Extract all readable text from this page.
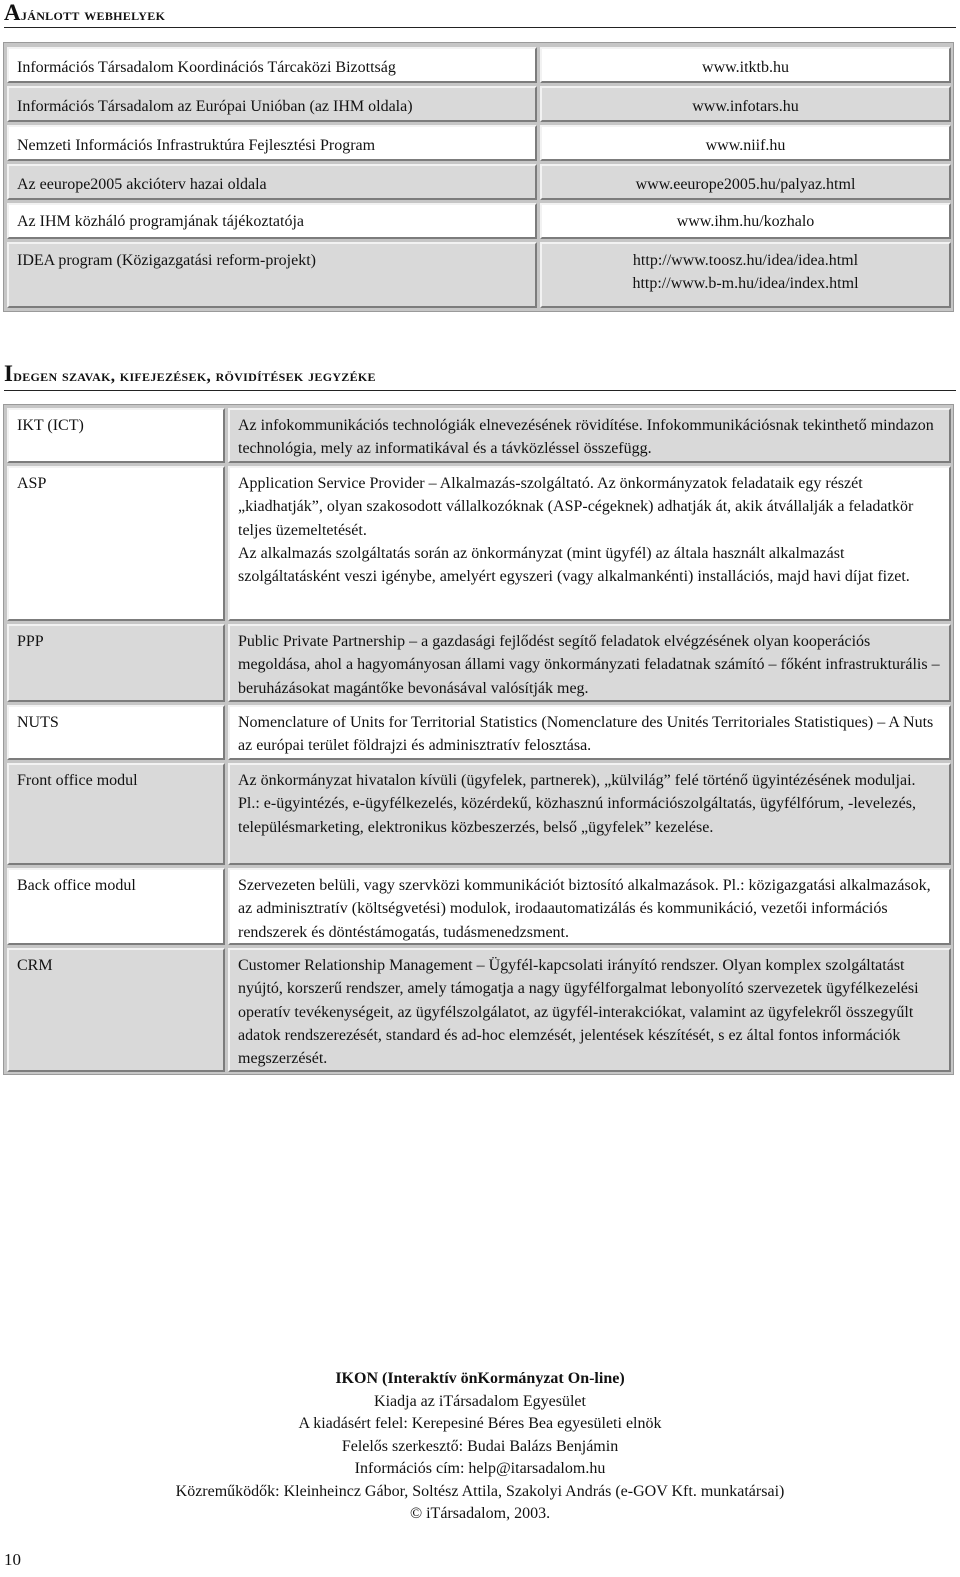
Ajánlott webhelyek
Információs Társadalom Koordinációs Tárcaközi Bizottság	www.itktb.hu
Információs Társadalom az Európai Unióban (az IHM oldala)	www.infotars.hu
Nemzeti Információs Infrastruktúra Fejlesztési Program	www.niif.hu
Az eeurope2005 akcióterv hazai oldala	www.eeurope2005.hu/palyaz.html
Az IHM közháló programjának tájékoztatója	www.ihm.hu/kozhalo
IDEA program (Közigazgatási reform-projekt)	http://www.toosz.hu/idea/idea.html
http://www.b-m.hu/idea/index.html
Idegen szavak, kifejezések, rövidítések jegyzéke
IKT (ICT)	Az infokommunikációs technológiák elnevezésének rövidítése. Infokommunikációsnak tekinthető mindazon technológia, mely az informatikával és a távközléssel összefügg.
ASP	Application Service Provider – Alkalmazás-szolgáltató. Az önkormányzatok feladataik egy részét „kiadhatják”, olyan szakosodott vállalkozóknak (ASP-cégeknek) adhatják át, akik átvállalják a feladatkör teljes üzemeltetését.
Az alkalmazás szolgáltatás során az önkormányzat (mint ügyfél) az általa használt alkalmazást szolgáltatásként veszi igénybe, amelyért egyszeri (vagy alkalmankénti) installációs, majd havi díjat fizet.
PPP	Public Private Partnership – a gazdasági fejlődést segítő feladatok elvégzésének olyan kooperációs megoldása, ahol a hagyományosan állami vagy önkormányzati feladatnak számító – főként infrastrukturális – beruházásokat magántőke bevonásával valósítják meg.
NUTS	Nomenclature of Units for Territorial Statistics (Nomenclature des Unités Territoriales Statistiques) – A Nuts az európai terület földrajzi és adminisztratív felosztása.
Front office modul	Az önkormányzat hivatalon kívüli (ügyfelek, partnerek), „külvilág” felé történő ügyintézésének moduljai. Pl.: e-ügyintézés, e-ügyfélkezelés, közérdekű, közhasznú információszolgáltatás, ügyfélfórum, -levelezés, településmarketing, elektronikus közbeszerzés, belső „ügyfelek” kezelése.
Back office modul	Szervezeten belüli, vagy szervközi kommunikációt biztosító alkalmazások. Pl.: közigazgatási alkalmazások, az adminisztratív (költségvetési) modulok, irodaautomatizálás és kommunikáció, vezetői információs rendszerek és döntéstámogatás, tudásmenedzsment.
CRM	Customer Relationship Management – Ügyfél-kapcsolati irányító rendszer. Olyan komplex szolgáltatást nyújtó, korszerű rendszer, amely támogatja a nagy ügyfélforgalmat lebonyolító szervezetek ügyfélkezelési operatív tevékenységeit, az ügyfélszolgálatot, az ügyfél-interakciókat, valamint az ügyfelekről összegyűlt adatok rendszerezését, standard és ad-hoc elemzését, jelentések készítését, s ez által fontos információk megszerzését.
IKON (Interaktív önKormányzat On-line)
Kiadja az iTársadalom Egyesület
A kiadásért felel: Kerepesiné Béres Bea egyesületi elnök
Felelős szerkesztő: Budai Balázs Benjámin
Információs cím: help@itarsadalom.hu
Közreműködők: Kleinheincz Gábor, Soltész Attila, Szakolyi András (e-GOV Kft. munkatársai)
© iTársadalom, 2003.
10
